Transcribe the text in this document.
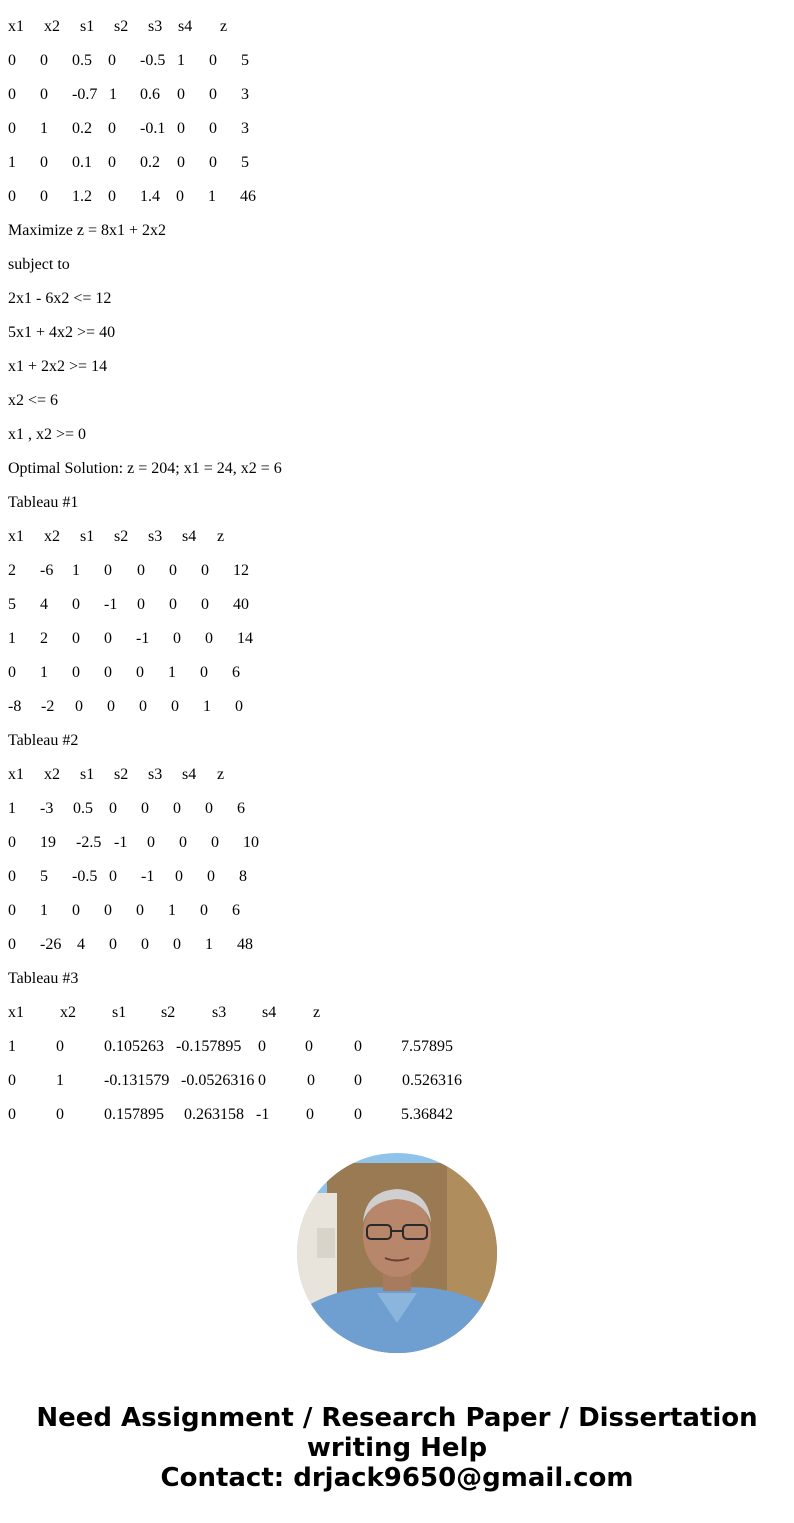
x1 x2 s1 s2 s3 s4 z
0 0 0.5 0 -0.5 1 0 5
0 0 -0.7 1 0.6 0 0 3
0 1 0.2 0 -0.1 0 0 3
1 0 0.1 0 0.2 0 0 5
0 0 1.2 0 1.4 0 1 46
Maximize z = 8x1 + 2x2
subject to
2x1 - 6x2 <= 12
5x1 + 4x2 >= 40
x1 + 2x2 >= 14
x2 <= 6
x1 , x2 >= 0
Optimal Solution: z = 204; x1 = 24, x2 = 6
Tableau #1
x1 x2 s1 s2 s3 s4 z
2 -6 1 0 0 0 0 12
5 4 0 -1 0 0 0 40
1 2 0 0 -1 0 0 14
0 1 0 0 0 1 0 6
-8 -2 0 0 0 0 1 0
Tableau #2
x1 x2 s1 s2 s3 s4 z
1 -3 0.5 0 0 0 0 6
0 19 -2.5 -1 0 0 0 10
0 5 -0.5 0 -1 0 0 8
0 1 0 0 0 1 0 6
0 -26 4 0 0 0 1 48
Tableau #3
x1 x2 s1 s2 s3 s4 z
1	0	0.105263 -0.157895 0 0	0 7.57895
0	1	-0.131579 -0.0526316 0	0 0	0.526316
0	0	0.157895 0.263158 -1 0	0 5.36842
Need Assignment / Research Paper / Dissertation
writing Help
Contact: drjack9650@gmail.com
